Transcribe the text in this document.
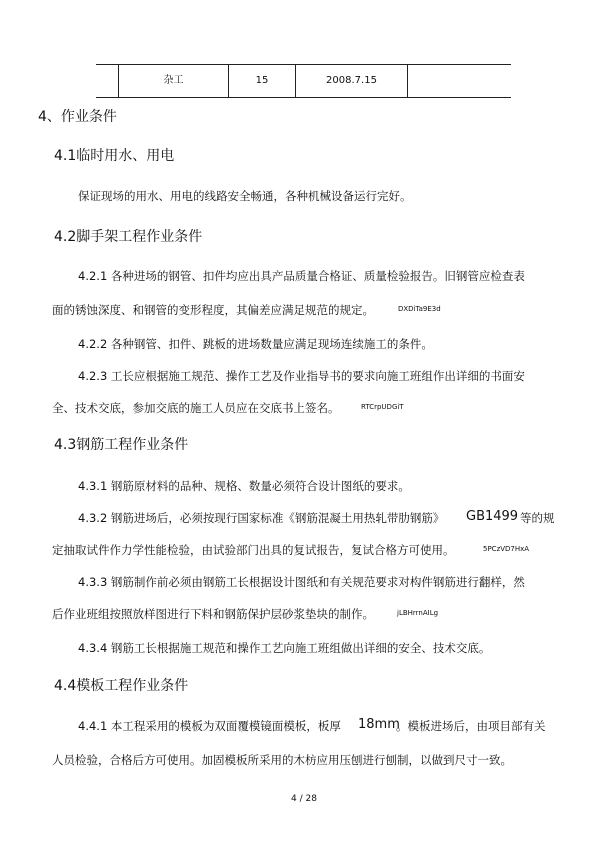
杂工	15	2008.7.15
4、作业条件
4.1临时用水、用电
保证现场的用水、用电的线路安全畅通，各种机械设备运行完好。
4.2脚手架工程作业条件
4.2.1 各种进场的钢管、扣件均应出具产品质量合格证、质量检验报告。旧钢管应检查表
面的锈蚀深度、和钢管的变形程度，其偏差应满足规范的规定。	DXDiTa9E3d
4.2.2 各种钢管、扣件、跳板的进场数量应满足现场连续施工的条件。
4.2.3 工长应根据施工规范、操作工艺及作业指导书的要求向施工班组作出详细的书面安
全、技术交底，参加交底的施工人员应在交底书上签名。	RTCrpUDGiT
4.3钢筋工程作业条件
4.3.1 钢筋原材料的品种、规格、数量必须符合设计图纸的要求。
4.3.2 钢筋进场后，必须按现行国家标准《钢筋混凝土用热轧带肋钢筋》 GB1499 等的规
定抽取试件作力学性能检验，由试验部门出具的复试报告，复试合格方可使用。	5PCzVD7HxA
4.3.3 钢筋制作前必须由钢筋工长根据设计图纸和有关规范要求对构件钢筋进行翻样，然
后作业班组按照放样图进行下料和钢筋保护层砂浆垫块的制作。	jLBHrrnAILg
4.3.4 钢筋工长根据施工规范和操作工艺向施工班组做出详细的安全、技术交底。
4.4模板工程作业条件
4.4.1 本工程采用的模板为双面覆模镜面模板，板厚 18mm
。模板进场后，由项目部有关
人员检验，合格后方可使用。加固模板所采用的木枋应用压刨进行刨制，以做到尺寸一致。
4 / 28
